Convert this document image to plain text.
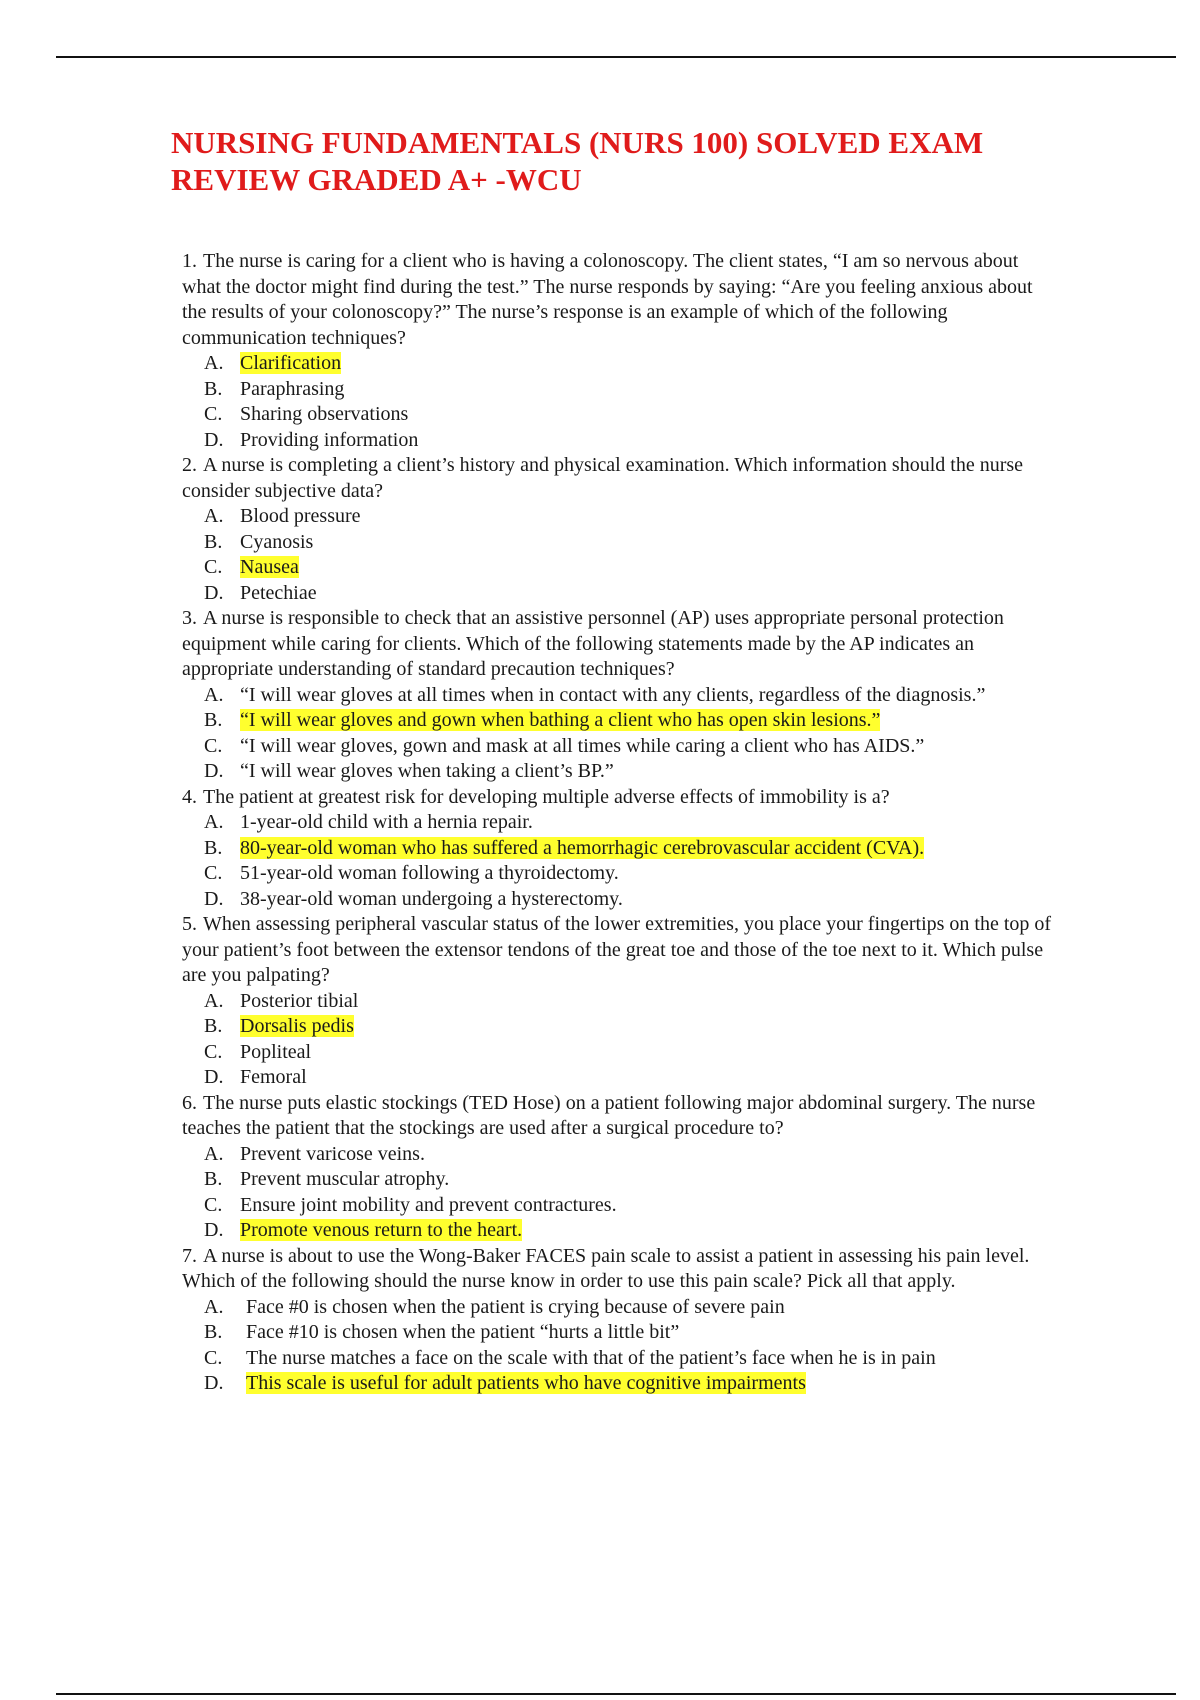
NURSING FUNDAMENTALS (NURS 100) SOLVED EXAM REVIEW GRADED A+ -WCU

1. The nurse is caring for a client who is having a colonoscopy. The client states, “I am so nervous about what the doctor might find during the test.” The nurse responds by saying: “Are you feeling anxious about the results of your colonoscopy?” The nurse’s response is an example of which of the following communication techniques?

A. Clarification
B. Paraphrasing
C. Sharing observations
D. Providing information

2. A nurse is completing a client’s history and physical examination. Which information should the nurse consider subjective data?

A. Blood pressure
B. Cyanosis
C. Nausea
D. Petechiae

3. A nurse is responsible to check that an assistive personnel (AP) uses appropriate personal protection equipment while caring for clients. Which of the following statements made by the AP indicates an appropriate understanding of standard precaution techniques?

A. “I will wear gloves at all times when in contact with any clients, regardless of the diagnosis.”
B. “I will wear gloves and gown when bathing a client who has open skin lesions.”
C. “I will wear gloves, gown and mask at all times while caring a client who has AIDS.”
D. “I will wear gloves when taking a client’s BP.”

4. The patient at greatest risk for developing multiple adverse effects of immobility is a?

A. 1-year-old child with a hernia repair.
B. 80-year-old woman who has suffered a hemorrhagic cerebrovascular accident (CVA).
C. 51-year-old woman following a thyroidectomy.
D. 38-year-old woman undergoing a hysterectomy.

5. When assessing peripheral vascular status of the lower extremities, you place your fingertips on the top of your patient’s foot between the extensor tendons of the great toe and those of the toe next to it. Which pulse are you palpating?

A. Posterior tibial
B. Dorsalis pedis
C. Popliteal
D. Femoral

6. The nurse puts elastic stockings (TED Hose) on a patient following major abdominal surgery. The nurse teaches the patient that the stockings are used after a surgical procedure to?

A. Prevent varicose veins.
B. Prevent muscular atrophy.
C. Ensure joint mobility and prevent contractures.
D. Promote venous return to the heart.

7. A nurse is about to use the Wong-Baker FACES pain scale to assist a patient in assessing his pain level. Which of the following should the nurse know in order to use this pain scale? Pick all that apply.

A.	Face #0 is chosen when the patient is crying because of severe pain
B.	Face #10 is chosen when the patient “hurts a little bit”
C.	The nurse matches a face on the scale with that of the patient’s face when he is in pain
D.	This scale is useful for adult patients who have cognitive impairments
